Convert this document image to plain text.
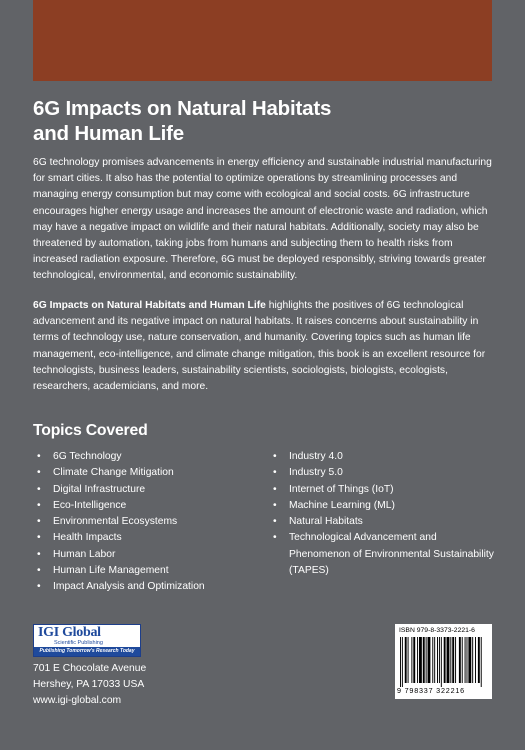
6G Impacts on Natural Habitats
and Human Life

6G technology promises advancements in energy efficiency and sustainable industrial manufacturing for smart cities. It also has the potential to optimize operations by streamlining processes and managing energy consumption but may come with ecological and social costs. 6G infrastructure encourages higher energy usage and increases the amount of electronic waste and radiation, which may have a negative impact on wildlife and their natural habitats. Additionally, society may also be threatened by automation, taking jobs from humans and subjecting them to health risks from increased radiation exposure. Therefore, 6G must be deployed responsibly, striving towards greater technological, environmental, and economic sustainability.

6G Impacts on Natural Habitats and Human Life highlights the positives of 6G technological advancement and its negative impact on natural habitats. It raises concerns about sustainability in terms of technology use, nature conservation, and humanity. Covering topics such as human life management, eco-intelligence, and climate change mitigation, this book is an excellent resource for technologists, business leaders, sustainability scientists, sociologists, biologists, ecologists, researchers, academicians, and more.

Topics Covered
• 6G Technology
• Climate Change Mitigation
• Digital Infrastructure
• Eco-Intelligence
• Environmental Ecosystems
• Health Impacts
• Human Labor
• Human Life Management
• Impact Analysis and Optimization
• Industry 4.0
• Industry 5.0
• Internet of Things (IoT)
• Machine Learning (ML)
• Natural Habitats
• Technological Advancement and Phenomenon of Environmental Sustainability (TAPES)
IGI Global
Scientific Publishing
Publishing Tomorrow's Research Today

701 E Chocolate Avenue
Hershey, PA 17033 USA
www.igi-global.com

ISBN 979-8-3373-2221-6
9 798337 322216
